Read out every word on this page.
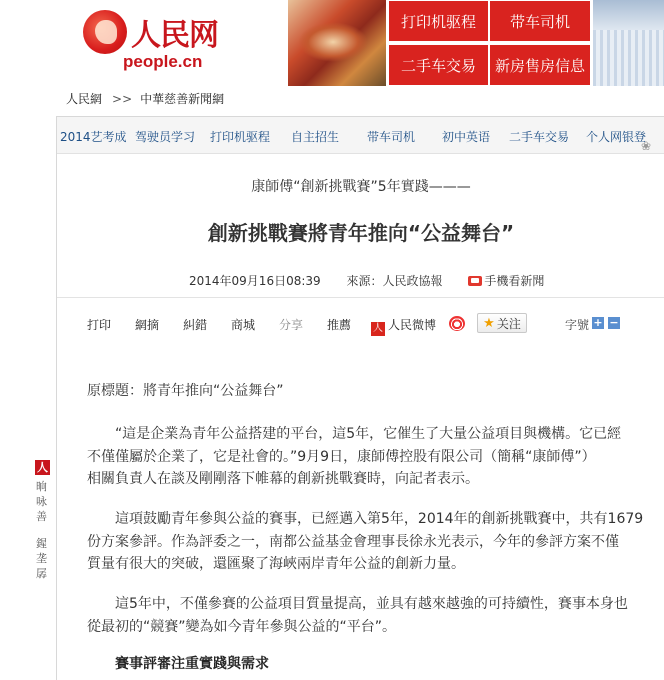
人民网
people.cn
打印机驱程	带车司机
二手车交易	新房售房信息
人民網 >> 中華慈善新聞網
2014艺考成 驾驶员学习 打印机驱程 自主招生 带车司机 初中英语 二手车交易 个人网银登
❀
康師傅“創新挑戰賽”5年實踐———
創新挑戰賽將青年推向“公益舞台”
2014年09月16日08:39 來源：人民政協報	手機看新聞
打印 網摘 糾錯 商城 分享 推薦 人 人民微博	★ 关注	字號 + −
原標題：將青年推向“公益舞台”
“這是企業為青年公益搭建的平台，這5年，它催生了大量公益項目與機構。它已經
不僅僅屬於企業了，它是社會的。”9月9日，康師傅控股有限公司（簡稱“康師傅”）
相關負責人在談及剛剛落下帷幕的創新挑戰賽時，向記者表示。
這項鼓勵青年參與公益的賽事，已經邁入第5年，2014年的創新挑戰賽中，共有1679
份方案參評。作為評委之一，南都公益基金會理事長徐永光表示，今年的參評方案不僅
質量有很大的突破，還匯聚了海峽兩岸青年公益的創新力量。
這5年中，不僅參賽的公益項目質量提高，並具有越來越強的可持續性，賽事本身也
從最初的“競賽”變為如今青年參與公益的“平台”。
賽事評審注重實踐與需求
人
晌
咏
善
鍟
垄
孱
